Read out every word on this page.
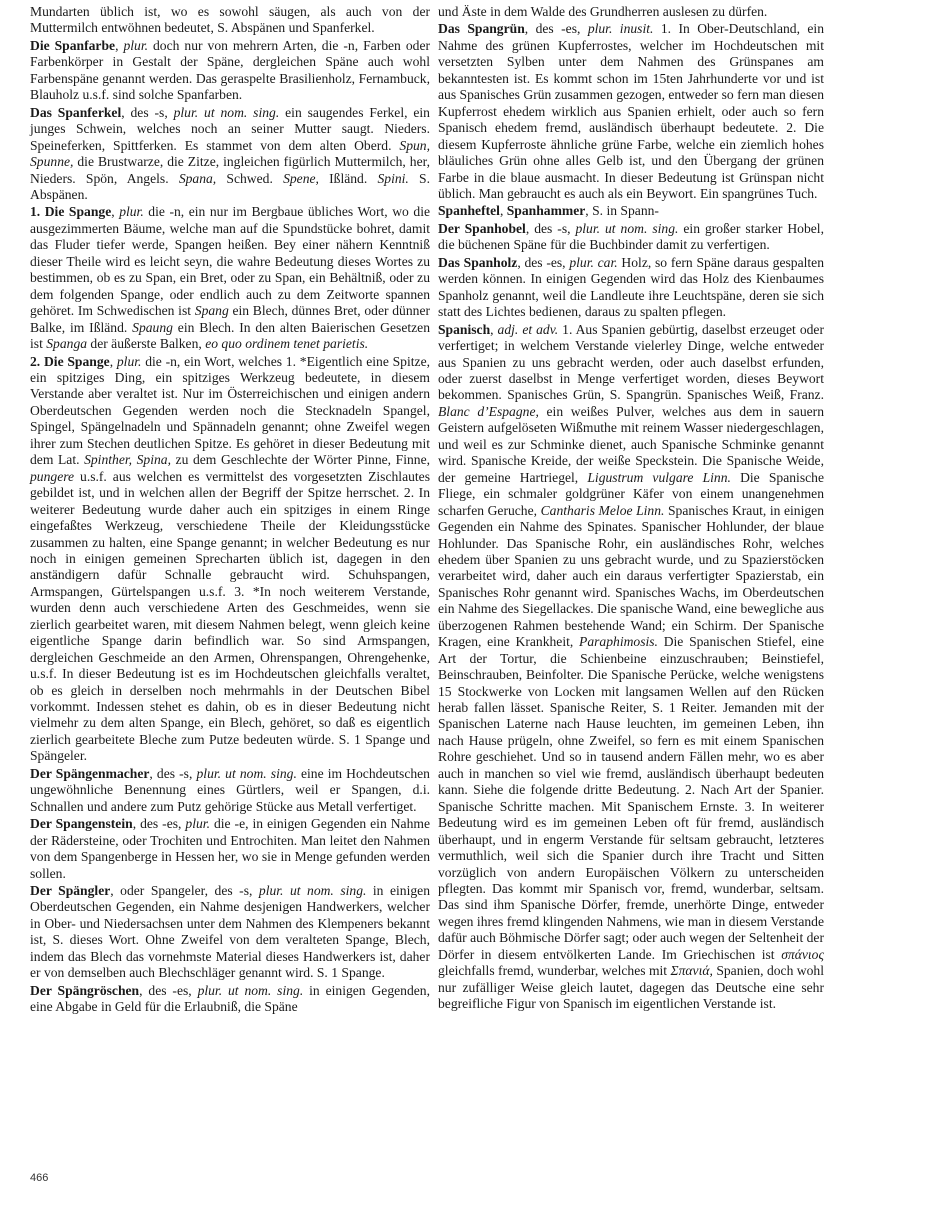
Mundarten üblich ist, wo es sowohl säugen, als auch von der Muttermilch entwöhnen bedeutet, S. Abspänen und Spanferkel.

Die Spanfarbe, plur. doch nur von mehrern Arten, die -n, Farben oder Farbenkörper in Gestalt der Späne, dergleichen Späne auch wohl Farbenspäne genannt werden. Das geraspelte Brasilienholz, Fernambuck, Blauholz u.s.f. sind solche Spanfarben.

Das Spanferkel, des -s, plur. ut nom. sing. ein saugendes Ferkel, ein junges Schwein, welches noch an seiner Mutter saugt. Nieders. Speineferken, Spittferken. Es stammet von dem alten Oberd. Spun, Spunne, die Brustwarze, die Zitze, ingleichen figürlich Muttermilch, her, Nieders. Spön, Angels. Spana, Schwed. Spene, Ißländ. Spini. S. Abspänen.

1. Die Spange, plur. die -n, ein nur im Bergbaue übliches Wort, wo die ausgezimmerten Bäume, welche man auf die Spundstücke bohret, damit das Fluder tiefer werde, Spangen heißen. Bey einer nähern Kenntniß dieser Theile wird es leicht seyn, die wahre Bedeutung dieses Wortes zu bestimmen, ob es zu Span, ein Bret, oder zu Span, ein Behältniß, oder zu dem folgenden Spange, oder endlich auch zu dem Zeitworte spannen gehöret. Im Schwedischen ist Spang ein Blech, dünnes Bret, oder dünner Balke, im Ißländ. Spaung ein Blech. In den alten Baierischen Gesetzen ist Spanga der äußerste Balken, eo quo ordinem tenet parietis.

2. Die Spange, plur. die -n, ein Wort, welches 1. *Eigentlich eine Spitze, ein spitziges Ding, ein spitziges Werkzeug bedeutete, in diesem Verstande aber veraltet ist. Nur im Österreichischen und einigen andern Oberdeutschen Gegenden werden noch die Stecknadeln Spangel, Spingel, Spängelnadeln und Spännadeln genannt; ohne Zweifel wegen ihrer zum Stechen deutlichen Spitze. Es gehöret in dieser Bedeutung mit dem Lat. Spinther, Spina, zu dem Geschlechte der Wörter Pinne, Finne, pungere u.s.f. aus welchen es vermittelst des vorgesetzten Zischlautes gebildet ist, und in welchen allen der Begriff der Spitze herrschet. 2. In weiterer Bedeutung wurde daher auch ein spitziges in einem Ringe eingefaßtes Werkzeug, verschiedene Theile der Kleidungsstücke zusammen zu halten, eine Spange genannt; in welcher Bedeutung es nur noch in einigen gemeinen Sprecharten üblich ist, dagegen in den anständigern dafür Schnalle gebraucht wird. Schuhspangen, Armspangen, Gürtelspangen u.s.f. 3. *In noch weiterem Verstande, wurden denn auch verschiedene Arten des Geschmeides, wenn sie zierlich gearbeitet waren, mit diesem Nahmen belegt, wenn gleich keine eigentliche Spange darin befindlich war. So sind Armspangen, dergleichen Geschmeide an den Armen, Ohrenspangen, Ohrengehenke, u.s.f. In dieser Bedeutung ist es im Hochdeutschen gleichfalls veraltet, ob es gleich in derselben noch mehrmahls in der Deutschen Bibel vorkommt. Indessen stehet es dahin, ob es in dieser Bedeutung nicht vielmehr zu dem alten Spange, ein Blech, gehöret, so daß es eigentlich zierlich gearbeitete Bleche zum Putze bedeuten würde. S. 1 Spange und Spängeler.

Der Spängenmacher, des -s, plur. ut nom. sing. eine im Hochdeutschen ungewöhnliche Benennung eines Gürtlers, weil er Spangen, d.i. Schnallen und andere zum Putz gehörige Stücke aus Metall verfertiget.

Der Spangenstein, des -es, plur. die -e, in einigen Gegenden ein Nahme der Rädersteine, oder Trochiten und Entrochiten. Man leitet den Nahmen von dem Spangenberge in Hessen her, wo sie in Menge gefunden werden sollen.

Der Spängler, oder Spangeler, des -s, plur. ut nom. sing. in einigen Oberdeutschen Gegenden, ein Nahme desjenigen Handwerkers, welcher in Ober- und Niedersachsen unter dem Nahmen des Klempeners bekannt ist, S. dieses Wort. Ohne Zweifel von dem veralteten Spange, Blech, indem das Blech das vornehmste Material dieses Handwerkers ist, daher er von demselben auch Blechschläger genannt wird. S. 1 Spange.

Der Spängröschen, des -es, plur. ut nom. sing. in einigen Gegenden, eine Abgabe in Geld für die Erlaubniß, die Späne

und Äste in dem Walde des Grundherren auslesen zu dürfen.

Das Spangrün, des -es, plur. inusit. 1. In Ober-Deutschland, ein Nahme des grünen Kupferrostes, welcher im Hochdeutschen mit versetzten Sylben unter dem Nahmen des Grünspanes am bekanntesten ist. Es kommt schon im 15ten Jahrhunderte vor und ist aus Spanisches Grün zusammen gezogen, entweder so fern man diesen Kupferrost ehedem wirklich aus Spanien erhielt, oder auch so fern Spanisch ehedem fremd, ausländisch überhaupt bedeutete. 2. Die diesem Kupferroste ähnliche grüne Farbe, welche ein ziemlich hohes bläuliches Grün ohne alles Gelb ist, und den Übergang der grünen Farbe in die blaue ausmacht. In dieser Bedeutung ist Grünspan nicht üblich. Man gebraucht es auch als ein Beywort. Ein spangrünes Tuch.

Spanheftel, Spanhammer, S. in Spann-

Der Spanhobel, des -s, plur. ut nom. sing. ein großer starker Hobel, die büchenen Späne für die Buchbinder damit zu verfertigen.

Das Spanholz, des -es, plur. car. Holz, so fern Späne daraus gespalten werden können. In einigen Gegenden wird das Holz des Kienbaumes Spanholz genannt, weil die Landleute ihre Leuchtspäne, deren sie sich statt des Lichtes bedienen, daraus zu spalten pflegen.

Spanisch, adj. et adv. 1. Aus Spanien gebürtig, daselbst erzeuget oder verfertiget; in welchem Verstande vielerley Dinge, welche entweder aus Spanien zu uns gebracht werden, oder auch daselbst erfunden, oder zuerst daselbst in Menge verfertiget worden, dieses Beywort bekommen. Spanisches Grün, S. Spangrün. Spanisches Weiß, Franz. Blanc d’Espagne, ein weißes Pulver, welches aus dem in sauern Geistern aufgelöseten Wißmuthe mit reinem Wasser niedergeschlagen, und weil es zur Schminke dienet, auch Spanische Schminke genannt wird. Spanische Kreide, der weiße Speckstein. Die Spanische Weide, der gemeine Hartriegel, Ligustrum vulgare Linn. Die Spanische Fliege, ein schmaler goldgrüner Käfer von einem unangenehmen scharfen Geruche, Cantharis Meloe Linn. Spanisches Kraut, in einigen Gegenden ein Nahme des Spinates. Spanischer Hohlunder, der blaue Hohlunder. Das Spanische Rohr, ein ausländisches Rohr, welches ehedem über Spanien zu uns gebracht wurde, und zu Spazierstöcken verarbeitet wird, daher auch ein daraus verfertigter Spazierstab, ein Spanisches Rohr genannt wird. Spanisches Wachs, im Oberdeutschen ein Nahme des Siegellackes. Die spanische Wand, eine bewegliche aus überzogenen Rahmen bestehende Wand; ein Schirm. Der Spanische Kragen, eine Krankheit, Paraphimosis. Die Spanischen Stiefel, eine Art der Tortur, die Schienbeine einzuschrauben; Beinstiefel, Beinschrauben, Beinfolter. Die Spanische Perücke, welche wenigstens 15 Stockwerke von Locken mit langsamen Wellen auf den Rücken herab fallen lässet. Spanische Reiter, S. 1 Reiter. Jemanden mit der Spanischen Laterne nach Hause leuchten, im gemeinen Leben, ihn nach Hause prügeln, ohne Zweifel, so fern es mit einem Spanischen Rohre geschiehet. Und so in tausend andern Fällen mehr, wo es aber auch in manchen so viel wie fremd, ausländisch überhaupt bedeuten kann. Siehe die folgende dritte Bedeutung. 2. Nach Art der Spanier. Spanische Schritte machen. Mit Spanischem Ernste. 3. In weiterer Bedeutung wird es im gemeinen Leben oft für fremd, ausländisch überhaupt, und in engerm Verstande für seltsam gebraucht, letzteres vermuthlich, weil sich die Spanier durch ihre Tracht und Sitten vorzüglich von andern Europäischen Völkern zu unterscheiden pflegten. Das kommt mir Spanisch vor, fremd, wunderbar, seltsam. Das sind ihm Spanische Dörfer, fremde, unerhörte Dinge, entweder wegen ihres fremd klingenden Nahmens, wie man in diesem Verstande dafür auch Böhmische Dörfer sagt; oder auch wegen der Seltenheit der Dörfer in diesem entvölkerten Lande. Im Griechischen ist σπάνιος gleichfalls fremd, wunderbar, welches mit Σπανιά, Spanien, doch wohl nur zufälliger Weise gleich lautet, dagegen das Deutsche eine sehr begreifliche Figur von Spanisch im eigentlichen Verstande ist.

466
